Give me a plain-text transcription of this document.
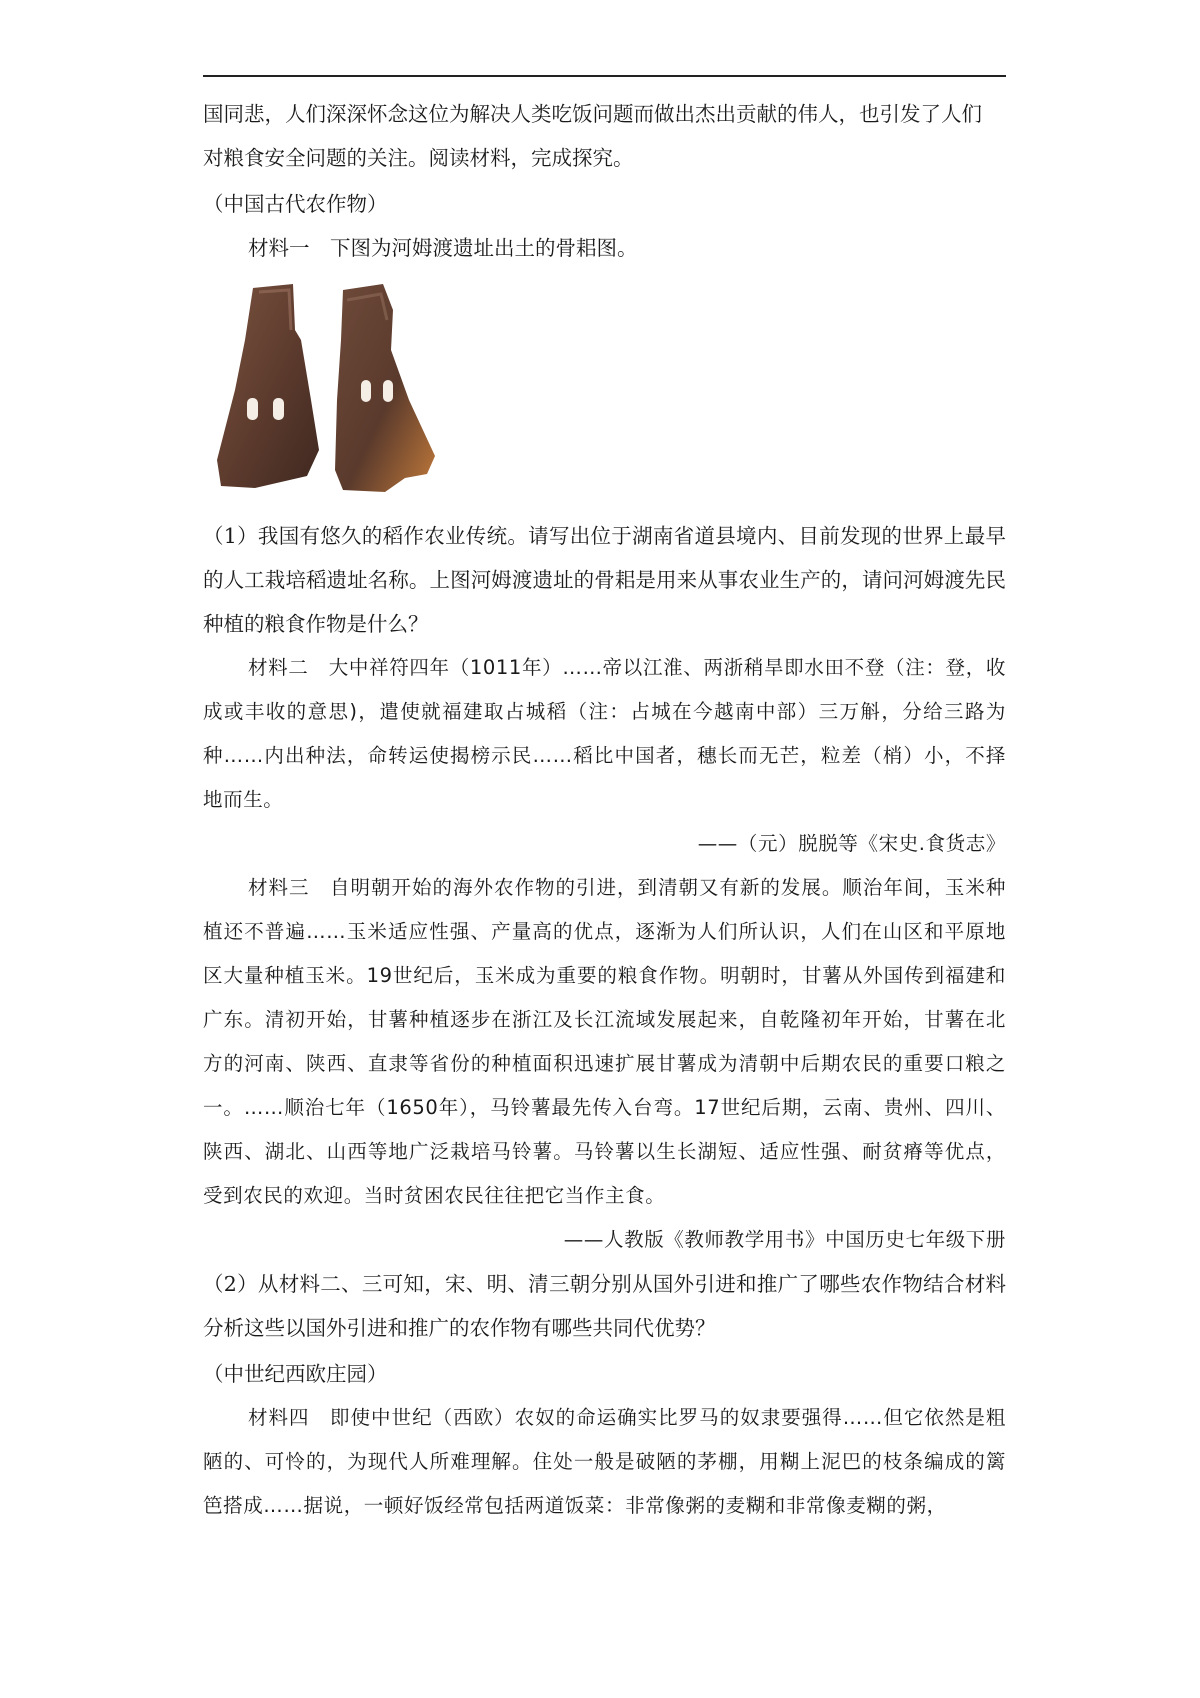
国同悲，人们深深怀念这位为解决人类吃饭问题而做出杰出贡献的伟人，也引发了人们

对粮食安全问题的关注。阅读材料，完成探究。

（中国古代农作物）

材料一　下图为河姆渡遗址出土的骨耜图。

（1）我国有悠久的稻作农业传统。请写出位于湖南省道县境内、目前发现的世界上最早的人工栽培稻遗址名称。上图河姆渡遗址的骨耜是用来从事农业生产的，请问河姆渡先民种植的粮食作物是什么？

材料二　大中祥符四年（1011年）……帝以江淮、两浙稍旱即水田不登（注：登，收成或丰收的意思)，遣使就福建取占城稻（注：占城在今越南中部）三万斛，分给三路为种……内出种法，命转运使揭榜示民……稻比中国者，穗长而无芒，粒差（梢）小，不择地而生。

——（元）脱脱等《宋史.食货志》

材料三　自明朝开始的海外农作物的引进，到清朝又有新的发展。顺治年间，玉米种植还不普遍……玉米适应性强、产量高的优点，逐渐为人们所认识，人们在山区和平原地区大量种植玉米。19世纪后，玉米成为重要的粮食作物。明朝时，甘薯从外国传到福建和广东。清初开始，甘薯种植逐步在浙江及长江流域发展起来，自乾隆初年开始，甘薯在北方的河南、陕西、直隶等省份的种植面积迅速扩展甘薯成为清朝中后期农民的重要口粮之一。……顺治七年（1650年），马铃薯最先传入台弯。17世纪后期，云南、贵州、四川、陕西、湖北、山西等地广泛栽培马铃薯。马铃薯以生长湖短、适应性强、耐贫瘠等优点，受到农民的欢迎。当时贫困农民往往把它当作主食。

——人教版《教师教学用书》中国历史七年级下册

（2）从材料二、三可知，宋、明、清三朝分别从国外引进和推广了哪些农作物结合材料分析这些以国外引进和推广的农作物有哪些共同代优势？

（中世纪西欧庄园）

材料四　即使中世纪（西欧）农奴的命运确实比罗马的奴隶要强得……但它依然是粗陋的、可怜的，为现代人所难理解。住处一般是破陋的茅棚，用糊上泥巴的枝条编成的篱笆搭成……据说，一顿好饭经常包括两道饭菜：非常像粥的麦糊和非常像麦糊的粥，
